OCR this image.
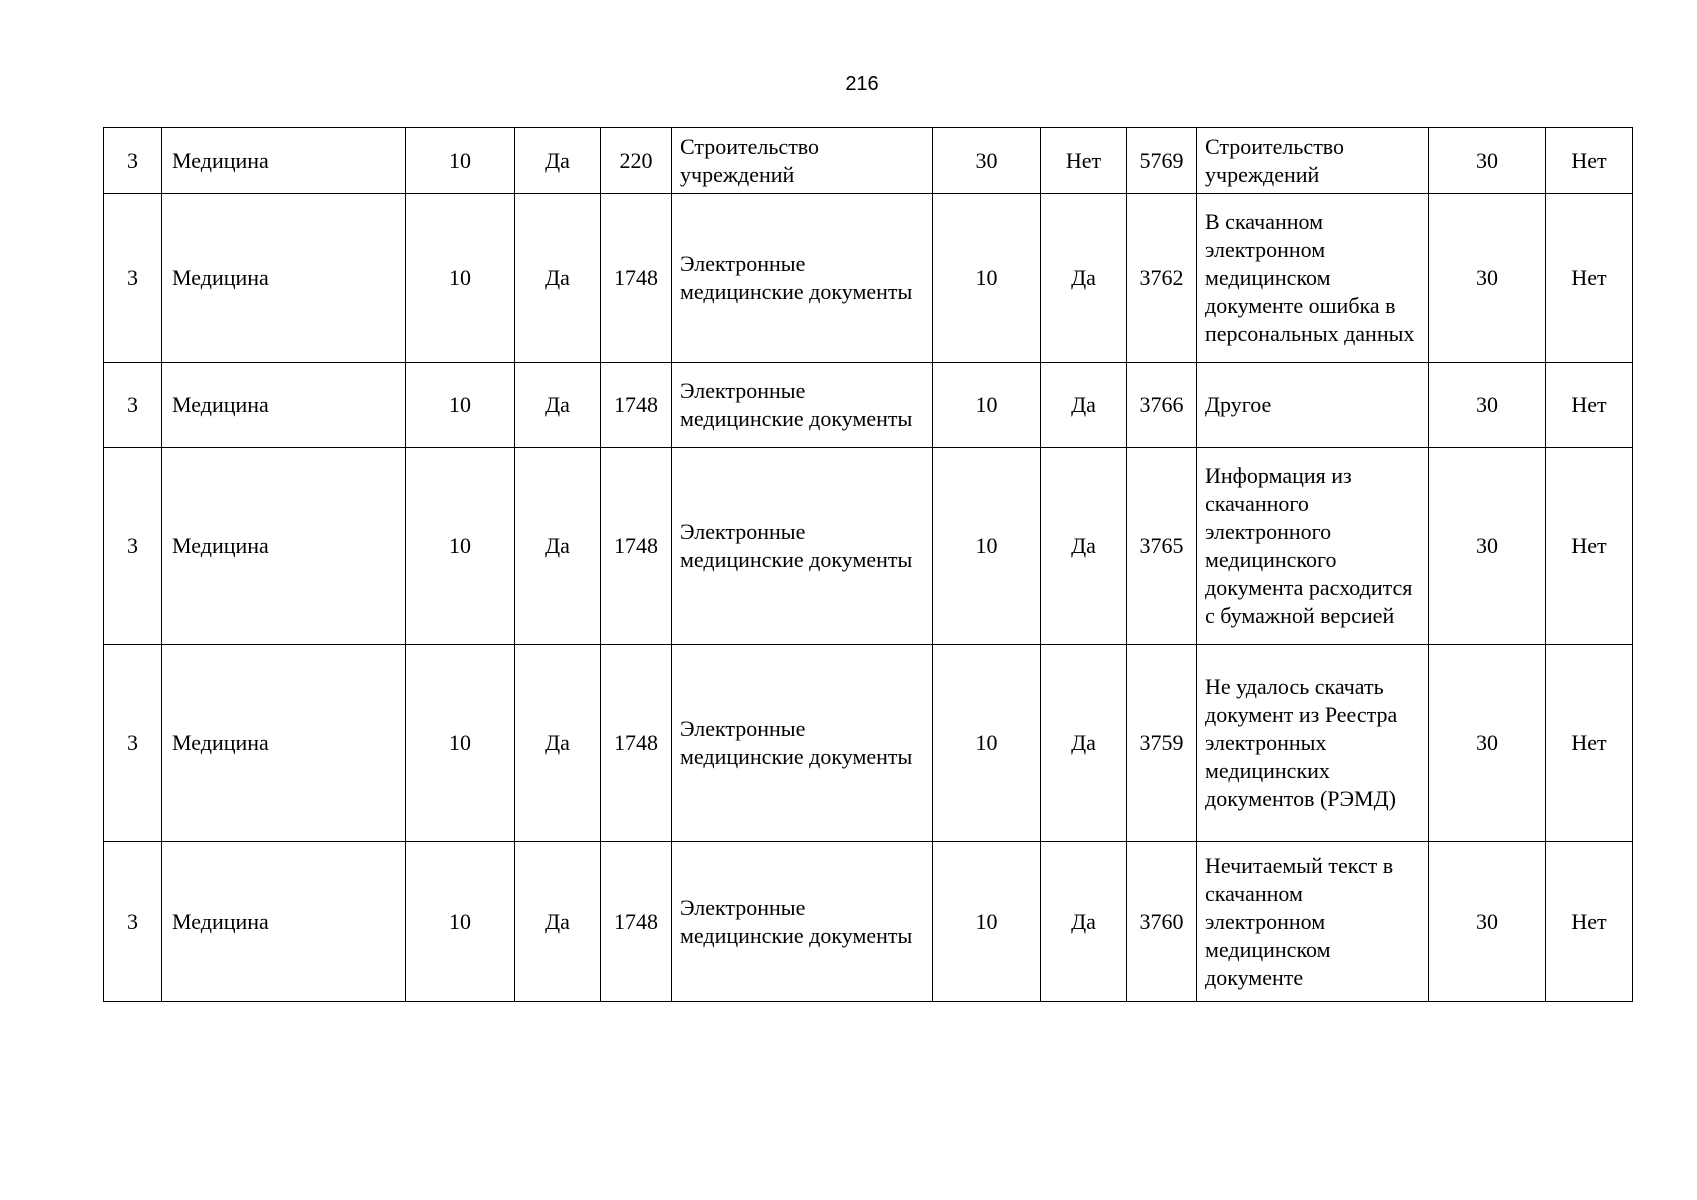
216
3	Медицина	10	Да	220	Строительство учреждений	30	Нет	5769	Строительство учреждений	30	Нет
3	Медицина	10	Да	1748	Электронные медицинские документы	10	Да	3762	В скачанном электронном медицинском документе ошибка в персональных данных	30	Нет
3	Медицина	10	Да	1748	Электронные медицинские документы	10	Да	3766	Другое	30	Нет
3	Медицина	10	Да	1748	Электронные медицинские документы	10	Да	3765	Информация из скачанного электронного медицинского документа расходится с бумажной версией	30	Нет
3	Медицина	10	Да	1748	Электронные медицинские документы	10	Да	3759	Не удалось скачать документ из Реестра электронных медицинских документов (РЭМД)	30	Нет
3	Медицина	10	Да	1748	Электронные медицинские документы	10	Да	3760	Нечитаемый текст в скачанном электронном медицинском документе	30	Нет
